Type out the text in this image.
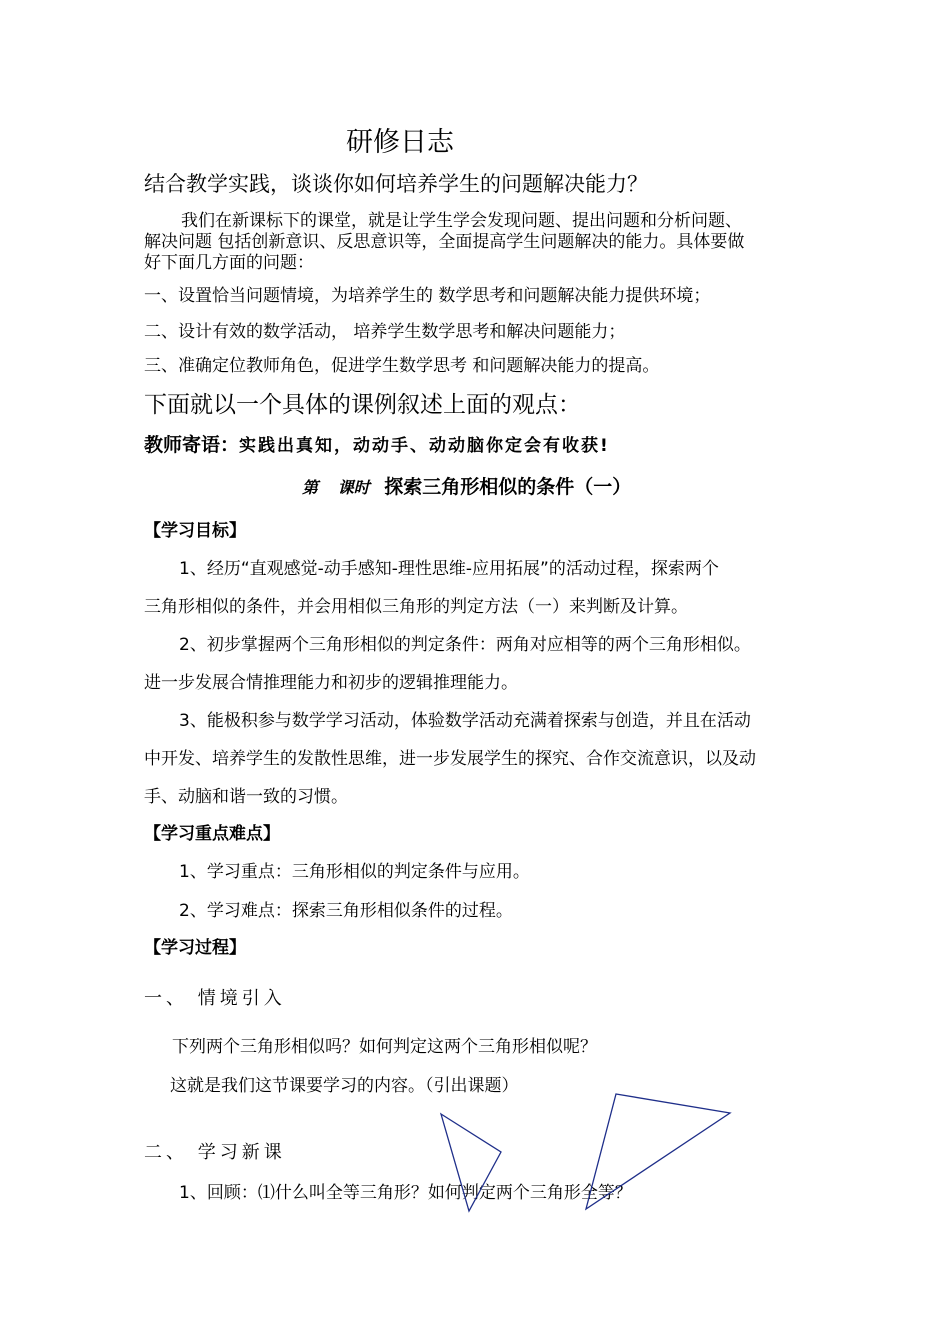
研修日志
结合教学实践，谈谈你如何培养学生的问题解决能力？
我们在新课标下的课堂，就是让学生学会发现问题、提出问题和分析问题、
解决问题 包括创新意识、反思意识等，全面提高学生问题解决的能力。具体要做
好下面几方面的问题：
一、设置恰当问题情境，为培养学生的 数学思考和问题解决能力提供环境；
二、设计有效的数学活动， 培养学生数学思考和解决问题能力；
三、准确定位教师角色，促进学生数学思考 和问题解决能力的提高。
下面就以一个具体的课例叙述上面的观点：
教师寄语：实践出真知，动动手、动动脑你定会有收获!
第 课时 探索三角形相似的条件（一）
【学习目标】
1、经历“直观感觉-动手感知-理性思维-应用拓展”的活动过程，探索两个
三角形相似的条件，并会用相似三角形的判定方法（一）来判断及计算。
2、初步掌握两个三角形相似的判定条件：两角对应相等的两个三角形相似。
进一步发展合情推理能力和初步的逻辑推理能力。
3、能极积参与数学学习活动，体验数学活动充满着探索与创造，并且在活动
中开发、培养学生的发散性思维，进一步发展学生的探究、合作交流意识，以及动
手、动脑和谐一致的习惯。
【学习重点难点】
1、学习重点：三角形相似的判定条件与应用。
2、学习难点：探索三角形相似条件的过程。
【学习过程】
一、 情境引入
下列两个三角形相似吗？如何判定这两个三角形相似呢？
这就是我们这节课要学习的内容。（引出课题）
二、 学习新课
1、回顾：⑴什么叫全等三角形？如何判定两个三角形全等？
